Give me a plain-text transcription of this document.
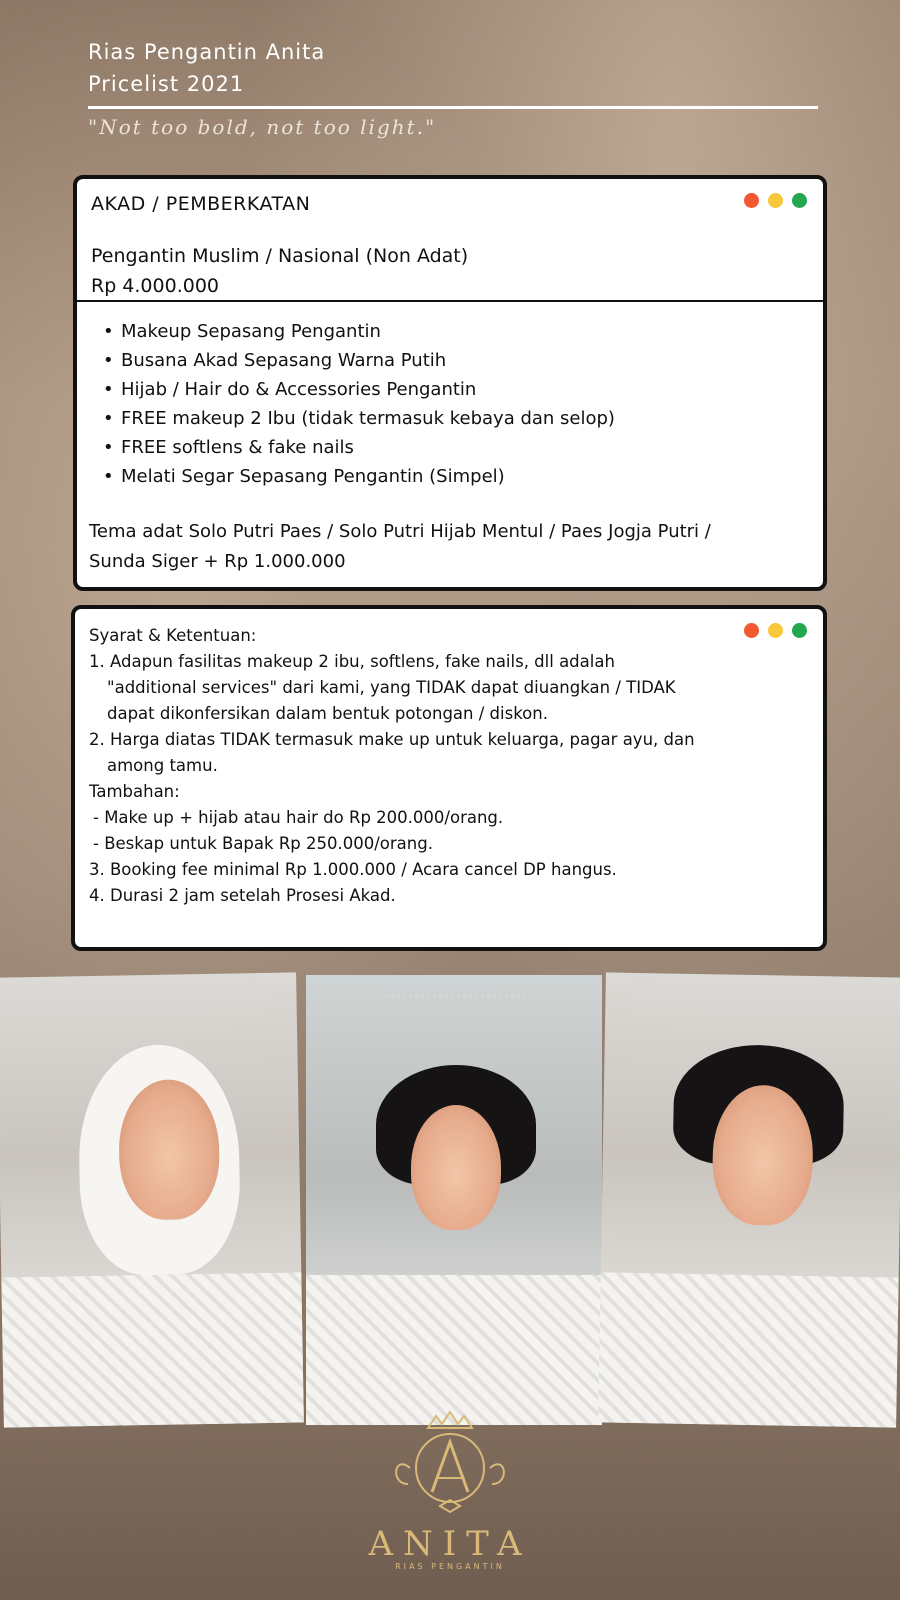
Rias Pengantin Anita
Pricelist 2021
"Not too bold, not too light."
AKAD / PEMBERKATAN
Pengantin Muslim / Nasional (Non Adat)
Rp 4.000.000
• Makeup Sepasang Pengantin
• Busana Akad Sepasang Warna Putih
• Hijab / Hair do & Accessories Pengantin
• FREE makeup 2 Ibu (tidak termasuk kebaya dan selop)
• FREE softlens & fake nails
• Melati Segar Sepasang Pengantin (Simpel)
Tema adat Solo Putri Paes / Solo Putri Hijab Mentul / Paes Jogja Putri /
Sunda Siger + Rp 1.000.000
Syarat & Ketentuan:
1. Adapun fasilitas makeup 2 ibu, softlens, fake nails, dll adalah
"additional services" dari kami, yang TIDAK dapat diuangkan / TIDAK
dapat dikonfersikan dalam bentuk potongan / diskon.
2. Harga diatas TIDAK termasuk make up untuk keluarga, pagar ayu, dan
among tamu.
Tambahan:
- Make up + hijab atau hair do Rp 200.000/orang.
- Beskap untuk Bapak Rp 250.000/orang.
3. Booking fee minimal Rp 1.000.000 / Acara cancel DP hangus.
4. Durasi 2 jam setelah Prosesi Akad.
ANITA
RIAS PENGANTIN
